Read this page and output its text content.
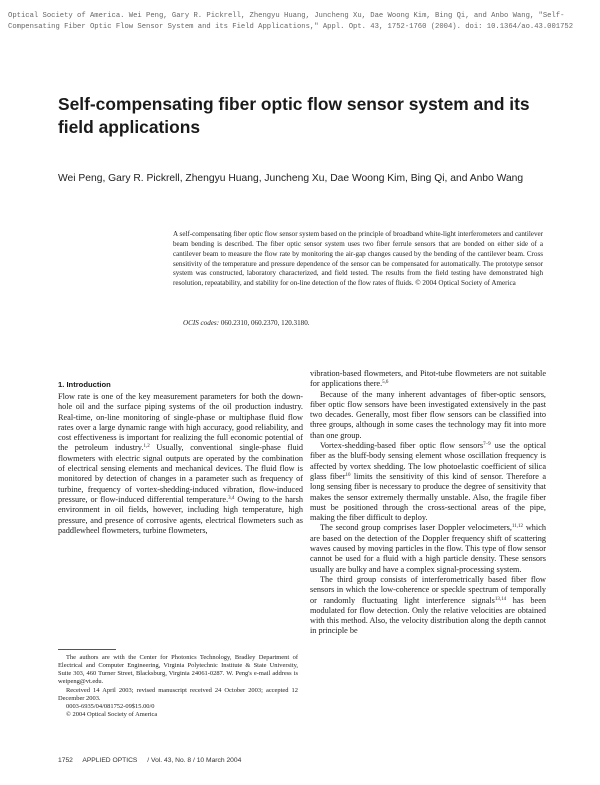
Optical Society of America. Wei Peng, Gary R. Pickrell, Zhengyu Huang, Juncheng Xu, Dae Woong Kim, Bing Qi, and Anbo Wang, "Self-Compensating Fiber Optic Flow Sensor System and its Field Applications," Appl. Opt. 43, 1752-1760 (2004). doi: 10.1364/ao.43.001752
Self-compensating fiber optic flow sensor system and its field applications
Wei Peng, Gary R. Pickrell, Zhengyu Huang, Juncheng Xu, Dae Woong Kim, Bing Qi, and Anbo Wang
A self-compensating fiber optic flow sensor system based on the principle of broadband white-light interferometers and cantilever beam bending is described. The fiber optic sensor system uses two fiber ferrule sensors that are bonded on either side of a cantilever beam to measure the flow rate by monitoring the air-gap changes caused by the bending of the cantilever beam. Cross sensitivity of the temperature and pressure dependence of the sensor can be compensated for automatically. The prototype sensor system was constructed, laboratory characterized, and field tested. The results from the field testing have demonstrated high resolution, repeatability, and stability for on-line detection of the flow rates of fluids. © 2004 Optical Society of America
OCIS codes: 060.2310, 060.2370, 120.3180.

1. Introduction

Flow rate is one of the key measurement parameters for both the down-hole oil and the surface piping systems of the oil production industry. Real-time, on-line monitoring of single-phase or multiphase fluid flow rates over a large dynamic range with high accuracy, good reliability, and cost effectiveness is important for realizing the full economic potential of the petroleum industry.$^{1,2}$ Usually, conventional single-phase fluid flowmeters with electric signal outputs are operated by the combination of electrical sensing elements and mechanical devices. The fluid flow is monitored by detection of changes in a parameter such as frequency of turbine, frequency of vortex-shedding-induced vibration, flow-induced pressure, or flow-induced differential temperature.$^{3,4}$ Owing to the harsh environment in oil fields, however, including high temperature, high pressure, and presence of corrosive agents, electrical flowmeters such as paddlewheel flowmeters, turbine flowmeters,

vibration-based flowmeters, and Pitot-tube flowmeters are not suitable for applications there.$^{5,6}$

Because of the many inherent advantages of fiber-optic sensors, fiber optic flow sensors have been investigated extensively in the past two decades. Generally, most fiber flow sensors can be classified into three groups, although in some cases the technology may fit into more than one group.

Vortex-shedding-based fiber optic flow sensors$^{7-9}$ use the optical fiber as the bluff-body sensing element whose oscillation frequency is affected by vortex shedding. The low photoelastic coefficient of silica glass fiber$^{10}$ limits the sensitivity of this kind of sensor. Therefore a long sensing fiber is necessary to produce the degree of sensitivity that makes the sensor extremely thermally unstable. Also, the fragile fiber must be positioned through the cross-sectional areas of the pipe, making the fiber difficult to deploy.

The second group comprises laser Doppler velocimeters,$^{11,12}$ which are based on the detection of the Doppler frequency shift of scattering waves caused by moving particles in the flow. This type of flow sensor cannot be used for a fluid with a high particle density. These sensors usually are bulky and have a complex signal-processing system.

The third group consists of interferometrically based fiber flow sensors in which the low-coherence or speckle spectrum of temporally or randomly fluctuating light interference signals$^{13,14}$ has been modulated for flow detection. Only the relative velocities are obtained with this method. Also, the velocity distribution along the depth cannot in principle be

The authors are with the Center for Photonics Technology, Bradley Department of Electrical and Computer Engineering, Virginia Polytechnic Institute & State University, Suite 303, 460 Turner Street, Blacksburg, Virginia 24061-0287. W. Peng's e-mail address is weipeng@vt.edu.

Received 14 April 2003; revised manuscript received 24 October 2003; accepted 12 December 2003.

0003-6935/04/081752-09$15.00/0

© 2004 Optical Society of America

1752 APPLIED OPTICS / Vol. 43, No. 8 / 10 March 2004
